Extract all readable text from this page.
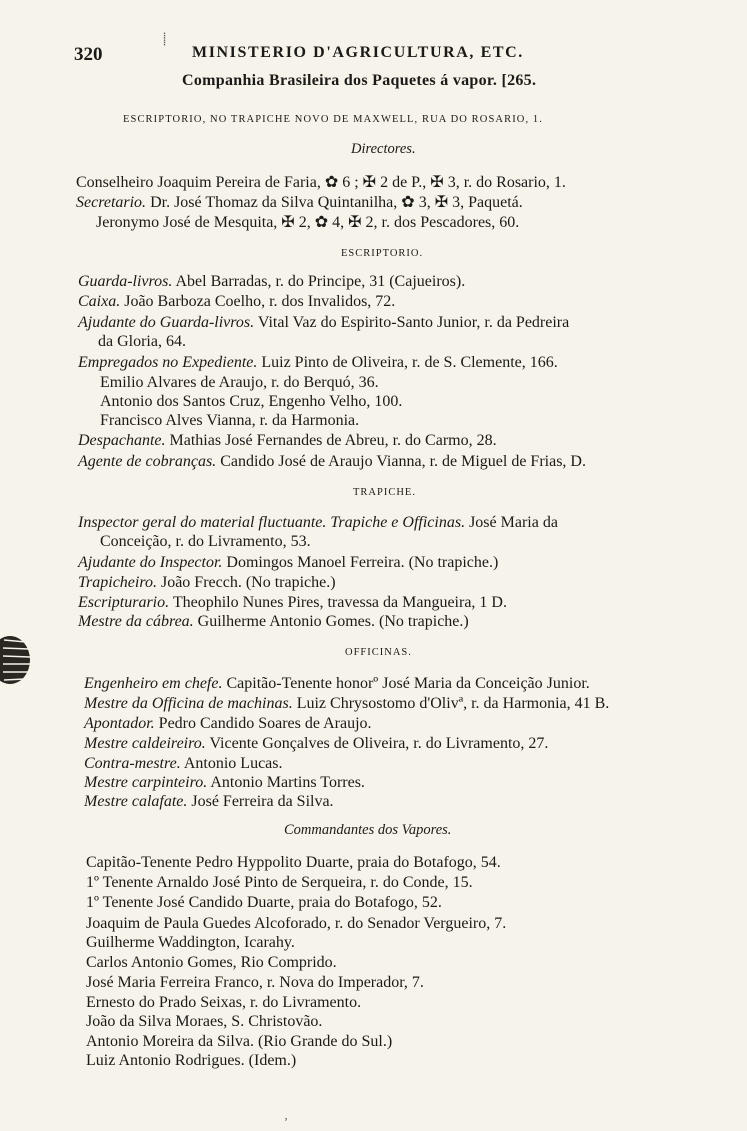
320	MINISTERIO D'AGRICULTURA, ETC.
Companhia Brasileira dos Paquetes á vapor. [265.
ESCRIPTORIO, NO TRAPICHE NOVO DE MAXWELL, RUA DO ROSARIO, 1.
Directores.
Conselheiro Joaquim Pereira de Faria, ✿ 6 ; ✠ 2 de P., ✠ 3, r. do Rosario, 1.
Secretario. Dr. José Thomaz da Silva Quintanilha, ✿ 3, ✠ 3, Paquetá.
Jeronymo José de Mesquita, ✠ 2, ✿ 4, ✠ 2, r. dos Pescadores, 60.
ESCRIPTORIO.
Guarda-livros. Abel Barradas, r. do Principe, 31 (Cajueiros).
Caixa. João Barboza Coelho, r. dos Invalidos, 72.
Ajudante do Guarda-livros. Vital Vaz do Espirito-Santo Junior, r. da Pedreira
da Gloria, 64.
Empregados no Expediente. Luiz Pinto de Oliveira, r. de S. Clemente, 166.
Emilio Alvares de Araujo, r. do Berquó, 36.
Antonio dos Santos Cruz, Engenho Velho, 100.
Francisco Alves Vianna, r. da Harmonia.
Despachante. Mathias José Fernandes de Abreu, r. do Carmo, 28.
Agente de cobranças. Candido José de Araujo Vianna, r. de Miguel de Frias, D.
TRAPICHE.
Inspector geral do material fluctuante. Trapiche e Officinas. José Maria da
Conceição, r. do Livramento, 53.
Ajudante do Inspector. Domingos Manoel Ferreira. (No trapiche.)
Trapicheiro. João Frecch. (No trapiche.)
Escripturario. Theophilo Nunes Pires, travessa da Mangueira, 1 D.
Mestre da cábrea. Guilherme Antonio Gomes. (No trapiche.)
OFFICINAS.
Engenheiro em chefe. Capitão-Tenente honorº José Maria da Conceição Junior.
Mestre da Officina de machinas. Luiz Chrysostomo d'Olivª, r. da Harmonia, 41 B.
Apontador. Pedro Candido Soares de Araujo.
Mestre caldeireiro. Vicente Gonçalves de Oliveira, r. do Livramento, 27.
Contra-mestre. Antonio Lucas.
Mestre carpinteiro. Antonio Martins Torres.
Mestre calafate. José Ferreira da Silva.
Commandantes dos Vapores.
Capitão-Tenente Pedro Hyppolito Duarte, praia do Botafogo, 54.
1º Tenente Arnaldo José Pinto de Serqueira, r. do Conde, 15.
1º Tenente José Candido Duarte, praia do Botafogo, 52.
Joaquim de Paula Guedes Alcoforado, r. do Senador Vergueiro, 7.
Guilherme Waddington, Icarahy.
Carlos Antonio Gomes, Rio Comprido.
José Maria Ferreira Franco, r. Nova do Imperador, 7.
Ernesto do Prado Seixas, r. do Livramento.
João da Silva Moraes, S. Christovão.
Antonio Moreira da Silva. (Rio Grande do Sul.)
Luiz Antonio Rodrigues. (Idem.)
⸽
ʼ
